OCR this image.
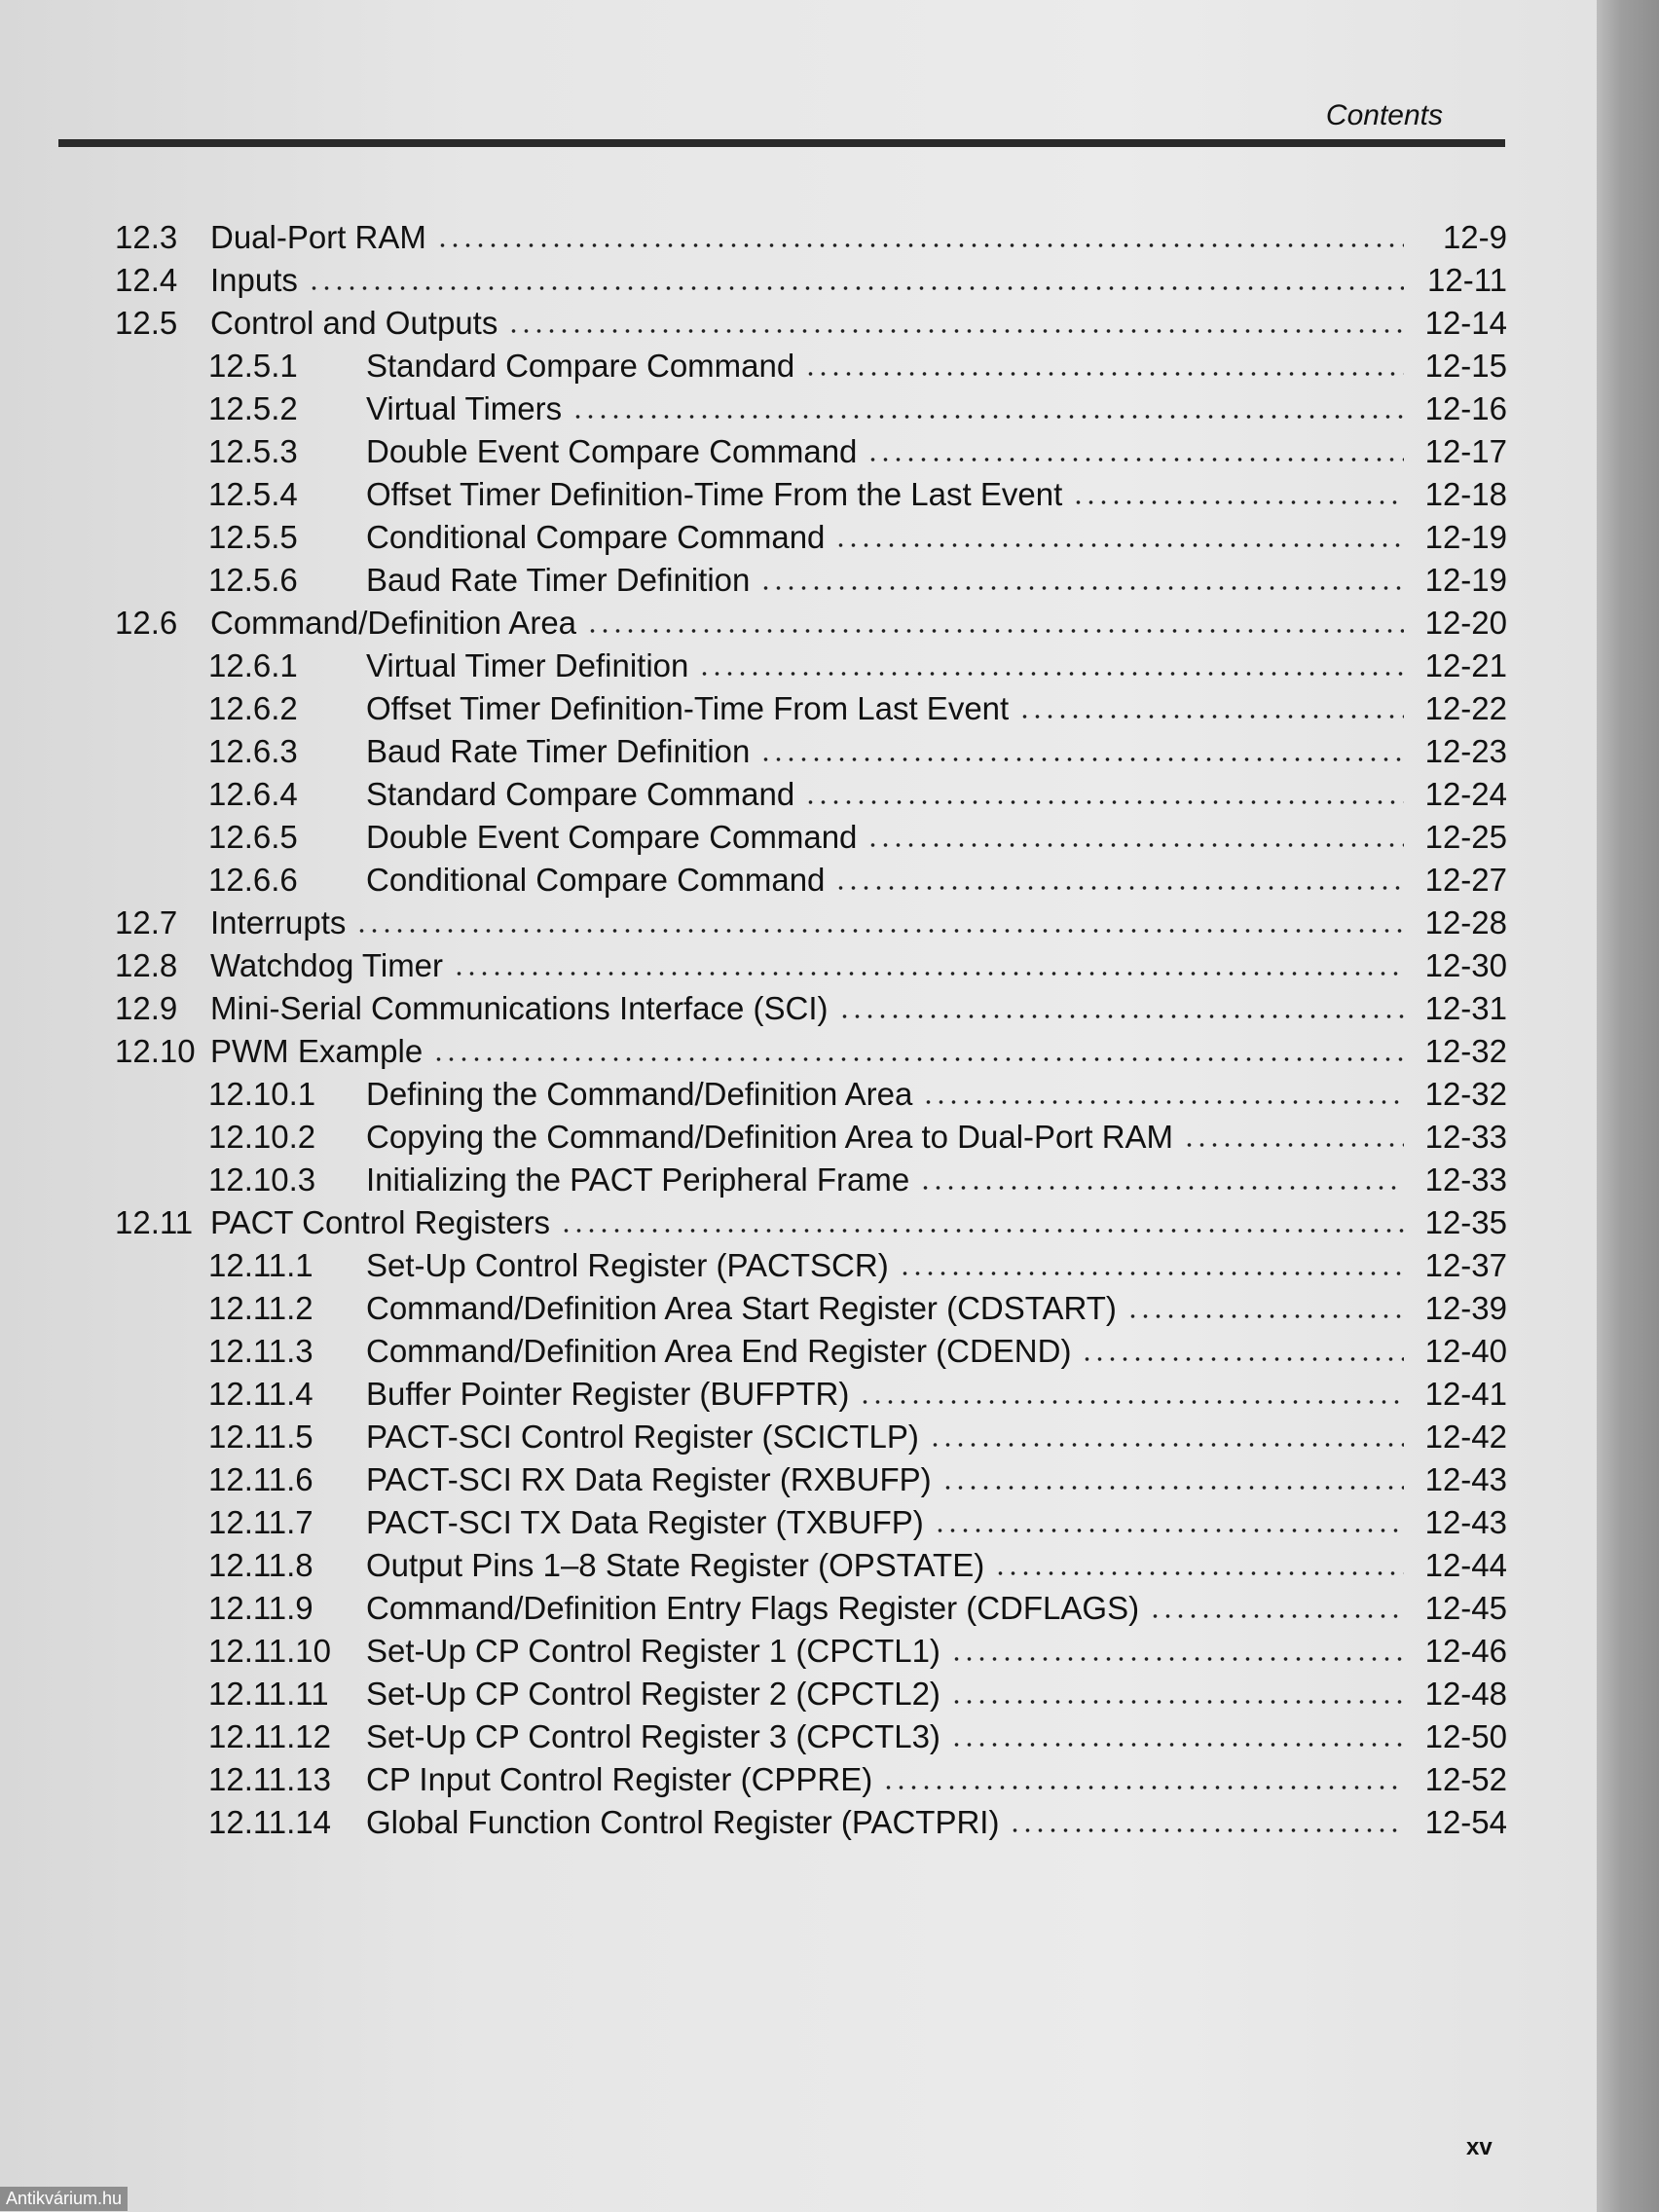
Contents
12.3 Dual-Port RAM	12-9
12.4 Inputs	12-11
12.5 Control and Outputs	12-14
12.5.1 Standard Compare Command	12-15
12.5.2 Virtual Timers	12-16
12.5.3 Double Event Compare Command	12-17
12.5.4 Offset Timer Definition-Time From the Last Event	12-18
12.5.5 Conditional Compare Command	12-19
12.5.6 Baud Rate Timer Definition	12-19
12.6 Command/Definition Area	12-20
12.6.1 Virtual Timer Definition	12-21
12.6.2 Offset Timer Definition-Time From Last Event	12-22
12.6.3 Baud Rate Timer Definition	12-23
12.6.4 Standard Compare Command	12-24
12.6.5 Double Event Compare Command	12-25
12.6.6 Conditional Compare Command	12-27
12.7 Interrupts	12-28
12.8 Watchdog Timer	12-30
12.9 Mini-Serial Communications Interface (SCI)	12-31
12.10 PWM Example	12-32
12.10.1 Defining the Command/Definition Area	12-32
12.10.2 Copying the Command/Definition Area to Dual-Port RAM	12-33
12.10.3 Initializing the PACT Peripheral Frame	12-33
12.11 PACT Control Registers	12-35
12.11.1 Set-Up Control Register (PACTSCR)	12-37
12.11.2 Command/Definition Area Start Register (CDSTART)	12-39
12.11.3 Command/Definition Area End Register (CDEND)	12-40
12.11.4 Buffer Pointer Register (BUFPTR)	12-41
12.11.5 PACT-SCI Control Register (SCICTLP)	12-42
12.11.6 PACT-SCI RX Data Register (RXBUFP)	12-43
12.11.7 PACT-SCI TX Data Register (TXBUFP)	12-43
12.11.8 Output Pins 1–8 State Register (OPSTATE)	12-44
12.11.9 Command/Definition Entry Flags Register (CDFLAGS)	12-45
12.11.10 Set-Up CP Control Register 1 (CPCTL1)	12-46
12.11.11 Set-Up CP Control Register 2 (CPCTL2)	12-48
12.11.12 Set-Up CP Control Register 3 (CPCTL3)	12-50
12.11.13 CP Input Control Register (CPPRE)	12-52
12.11.14 Global Function Control Register (PACTPRI)	12-54
xv
Antikvárium.hu
